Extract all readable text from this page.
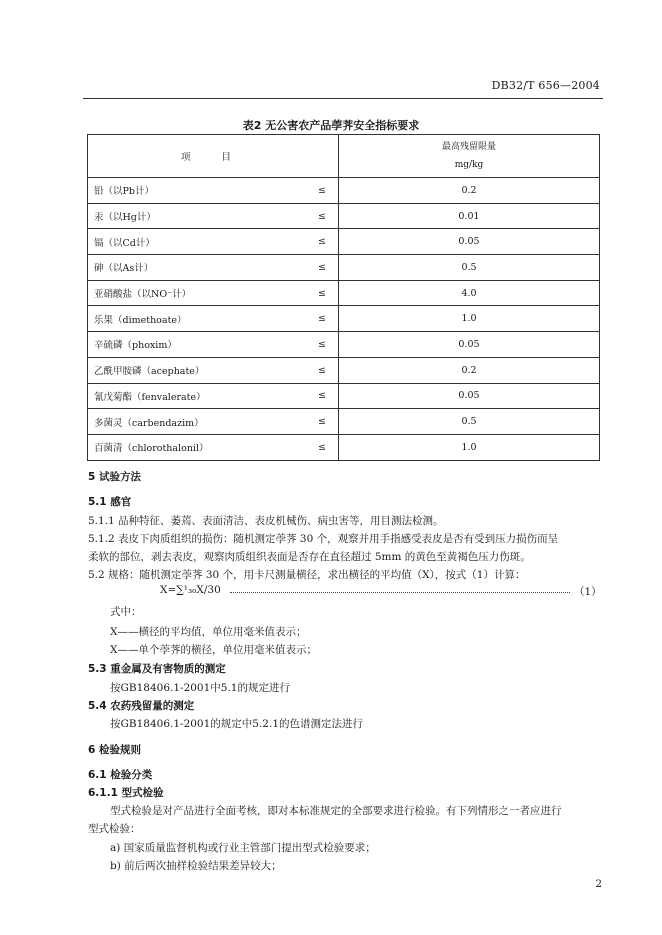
DB32/T 656—2004
表2 无公害农产品荸荠安全指标要求
项 目		最高残留限量
mg/kg

铅（以Pb计）	≤	0.2
汞（以Hg计）	≤	0.01
镉（以Cd计）	≤	0.05
砷（以As计）	≤	0.5
亚硝酸盐（以NO⁻计）	≤	4.0
乐果（dimethoate）	≤	1.0
辛硫磷（phoxim）	≤	0.05
乙酰甲胺磷（acephate）	≤	0.2
氰戊菊酯（fenvalerate）	≤	0.05
多菌灵（carbendazim）	≤	0.5
百菌清（chlorothalonil）	≤	1.0
5 试验方法
5.1 感官
5.1.1 品种特征、萎蔫、表面清洁、表皮机械伤、病虫害等，用目测法检测。
5.1.2 表皮下肉质组织的损伤：随机测定荸荠 30 个，观察并用手指感受表皮是否有受到压力损伤而呈
柔软的部位，剥去表皮，观察肉质组织表面是否存在直径超过 5mm 的黄色至黄褐色压力伤斑。
5.2 规格：随机测定荸荠 30 个，用卡尺测量横径，求出横径的平均值（X），按式（1）计算：
X=∑¹₃₀X/30	（1）
式中：
X——横径的平均值，单位用毫米值表示；
X——单个荸荠的横径，单位用毫米值表示；
5.3 重金属及有害物质的测定
按GB18406.1-2001中5.1的规定进行
5.4 农药残留量的测定
按GB18406.1-2001的规定中5.2.1的色谱测定法进行
6 检验规则
6.1 检验分类
6.1.1 型式检验
型式检验是对产品进行全面考核，即对本标准规定的全部要求进行检验。有下列情形之一者应进行
型式检验：
a) 国家质量监督机构或行业主管部门提出型式检验要求；
b) 前后两次抽样检验结果差异较大；
2
